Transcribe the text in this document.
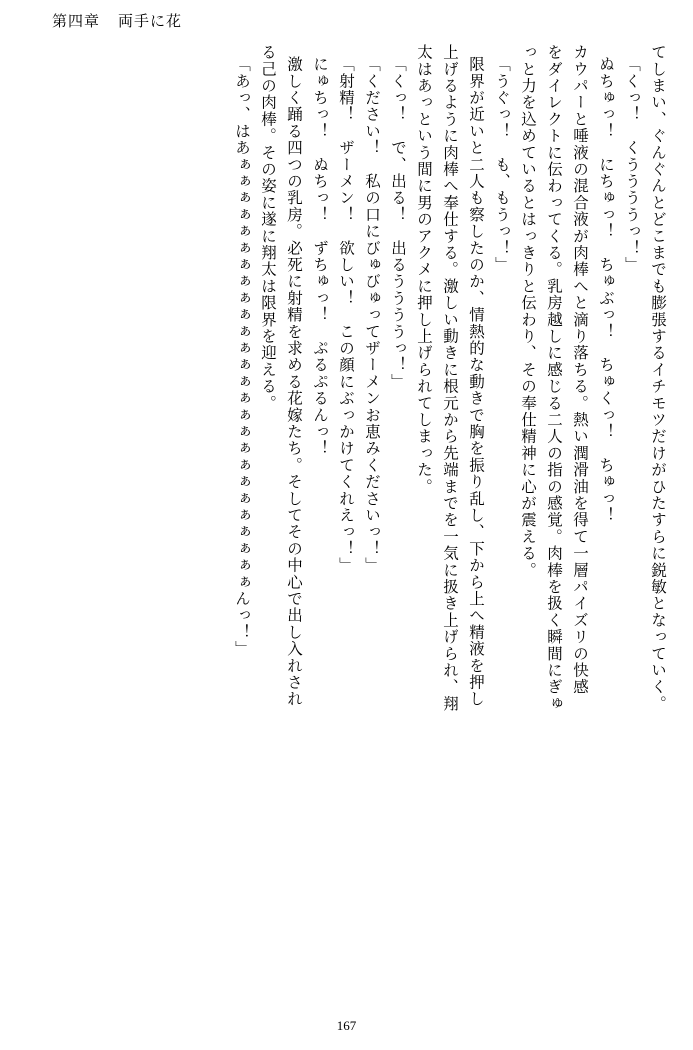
第四章 両手に花
てしまい、ぐんぐんとどこまでも膨張するイチモツだけがひたすらに鋭敏となっていく。
「くっ！　くううううっ！」
ぬちゅっ！　にちゅっ！　ちゅぶっ！　ちゅくっ！　ちゅっ！
カウパーと唾液の混合液が肉棒へと滴り落ちる。熱い潤滑油を得て一層パイズリの快感
をダイレクトに伝わってくる。乳房越しに感じる二人の指の感覚。肉棒を扱く瞬間にぎゅ
っと力を込めているとはっきりと伝わり、その奉仕精神に心が震える。
「うぐっ！　も、もうっ！」
限界が近いと二人も察したのか、情熱的な動きで胸を振り乱し、下から上へ精液を押し
上げるように肉棒へ奉仕する。激しい動きに根元から先端までを一気に扱き上げられ、翔
太はあっという間に男のアクメに押し上げられてしまった。
「くっ！　で、出る！　出るううううっ！」
「ください！　私の口にびゅびゅってザーメンお恵みくださいっ！」
「射精！　ザーメン！　欲しい！　この顔にぶっかけてくれえっ！」
にゅちっ！　ぬちっ！　ずちゅっ！　ぷるぷるんっ！
激しく踊る四つの乳房。必死に射精を求める花嫁たち。そしてその中心で出し入れされ
る己の肉棒。その姿に遂に翔太は限界を迎える。
「あっ、はあぁぁぁぁぁぁぁぁぁぁぁぁぁぁぁぁぁぁぁぁぁぁぁぁぁぁんっ！」
167
